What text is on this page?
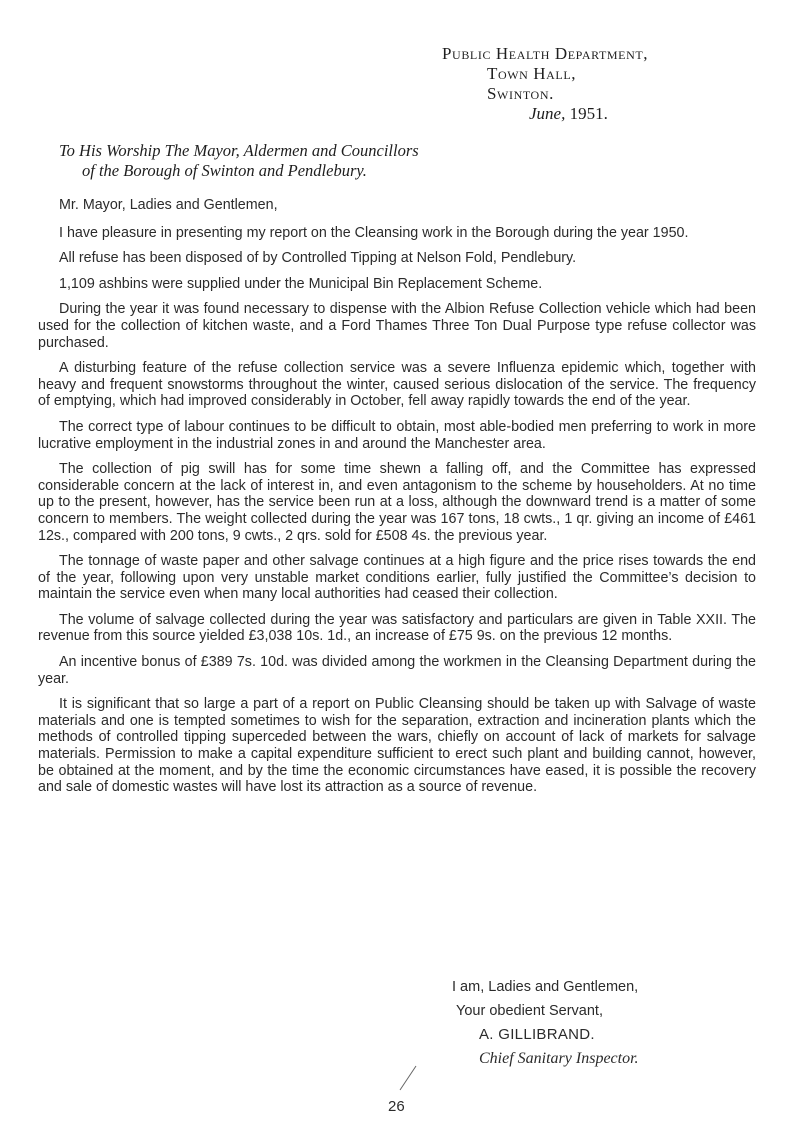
Public Health Department,
Town Hall,
Swinton.
June, 1951.
To His Worship The Mayor, Aldermen and Councillors
of the Borough of Swinton and Pendlebury.

Mr. Mayor, Ladies and Gentlemen,

I have pleasure in presenting my report on the Cleansing work in the Borough during the year 1950.

All refuse has been disposed of by Controlled Tipping at Nelson Fold, Pendlebury.

1,109 ashbins were supplied under the Municipal Bin Replacement Scheme.

During the year it was found necessary to dispense with the Albion Refuse Collection vehicle which had been used for the collection of kitchen waste, and a Ford Thames Three Ton Dual Purpose type refuse collector was purchased.

A disturbing feature of the refuse collection service was a severe Influenza epidemic which, together with heavy and frequent snowstorms throughout the winter, caused serious dislocation of the service. The frequency of emptying, which had improved considerably in October, fell away rapidly towards the end of the year.

The correct type of labour continues to be difficult to obtain, most able-bodied men preferring to work in more lucrative employment in the industrial zones in and around the Manchester area.

The collection of pig swill has for some time shewn a falling off, and the Committee has expressed considerable concern at the lack of interest in, and even antagonism to the scheme by householders. At no time up to the present, however, has the service been run at a loss, although the downward trend is a matter of some concern to members. The weight collected during the year was 167 tons, 18 cwts., 1 qr. giving an income of £461 12s., compared with 200 tons, 9 cwts., 2 qrs. sold for £508 4s. the previous year.

The tonnage of waste paper and other salvage continues at a high figure and the price rises towards the end of the year, following upon very unstable market conditions earlier, fully justified the Committee’s decision to maintain the service even when many local authorities had ceased their collection.

The volume of salvage collected during the year was satisfactory and particulars are given in Table XXII. The revenue from this source yielded £3,038 10s. 1d., an increase of £75 9s. on the previous 12 months.

An incentive bonus of £389 7s. 10d. was divided among the workmen in the Cleansing Department during the year.

It is significant that so large a part of a report on Public Cleansing should be taken up with Salvage of waste materials and one is tempted sometimes to wish for the separation, extraction and incineration plants which the methods of controlled tipping superceded between the wars, chiefly on account of lack of markets for salvage materials. Permission to make a capital expenditure sufficient to erect such plant and building cannot, however, be obtained at the moment, and by the time the economic circumstances have eased, it is possible the recovery and sale of domestic wastes will have lost its attraction as a source of revenue.

I am, Ladies and Gentlemen,
Your obedient Servant,
A. GILLIBRAND.
Chief Sanitary Inspector.
26
